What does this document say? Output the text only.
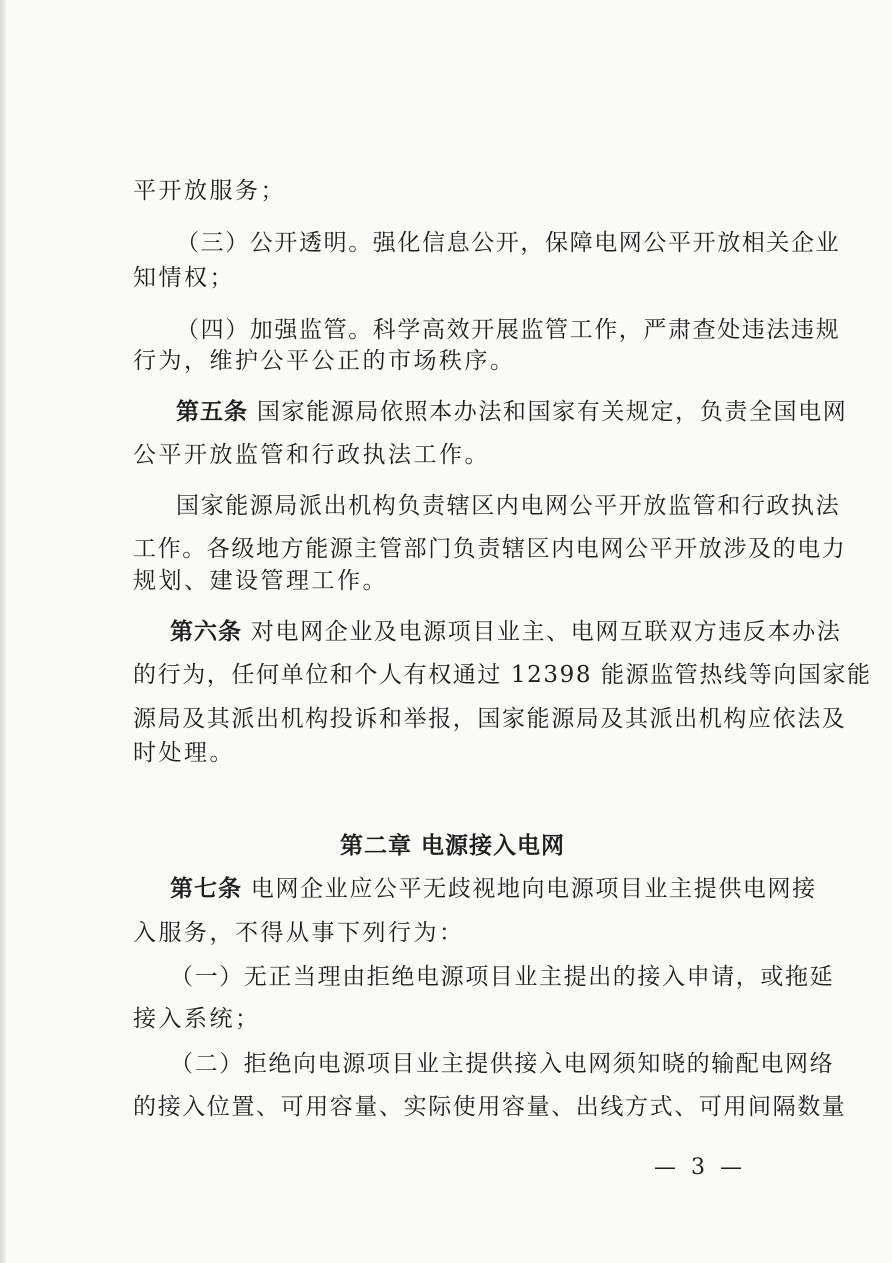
平开放服务；
（三）公开透明。强化信息公开，保障电网公平开放相关企业
知情权；
（四）加强监管。科学高效开展监管工作，严肃查处违法违规
行为，维护公平公正的市场秩序。
第五条 国家能源局依照本办法和国家有关规定，负责全国电网
公平开放监管和行政执法工作。
国家能源局派出机构负责辖区内电网公平开放监管和行政执法
工作。各级地方能源主管部门负责辖区内电网公平开放涉及的电力
规划、建设管理工作。
第六条 对电网企业及电源项目业主、电网互联双方违反本办法
的行为，任何单位和个人有权通过 12398 能源监管热线等向国家能
源局及其派出机构投诉和举报，国家能源局及其派出机构应依法及
时处理。
第二章 电源接入电网
第七条 电网企业应公平无歧视地向电源项目业主提供电网接
入服务，不得从事下列行为：
（一）无正当理由拒绝电源项目业主提出的接入申请，或拖延
接入系统；
（二）拒绝向电源项目业主提供接入电网须知晓的输配电网络
的接入位置、可用容量、实际使用容量、出线方式、可用间隔数量
— 3 —
